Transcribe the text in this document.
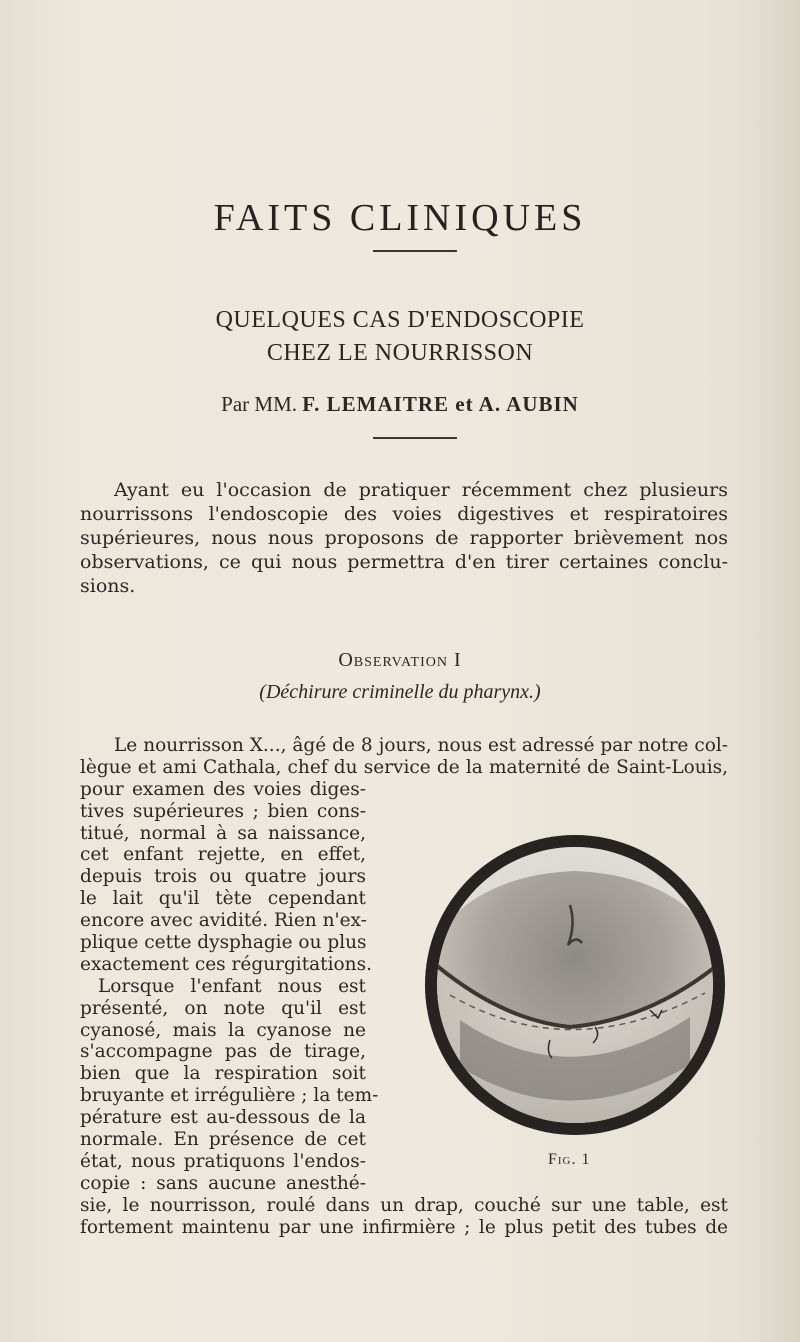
FAITS CLINIQUES
QUELQUES CAS D'ENDOSCOPIE
CHEZ LE NOURRISSON
Par MM. F. LEMAITRE et A. AUBIN
Ayant eu l'occasion de pratiquer récemment chez plusieurs
nourrissons l'endoscopie des voies digestives et respiratoires
supérieures, nous nous proposons de rapporter brièvement nos
observations, ce qui nous permettra d'en tirer certaines conclu-
sions.
Observation I
(Déchirure criminelle du pharynx.)
Le nourrisson X..., âgé de 8 jours, nous est adressé par notre col-
lègue et ami Cathala, chef du service de la maternité de Saint-Louis,
pour examen des voies diges-
tives supérieures ; bien cons-
titué, normal à sa naissance,
cet enfant rejette, en effet,
depuis trois ou quatre jours
le lait qu'il tète cependant
encore avec avidité. Rien n'ex-
plique cette dysphagie ou plus
exactement ces régurgitations.
Lorsque l'enfant nous est
présenté, on note qu'il est
cyanosé, mais la cyanose ne
s'accompagne pas de tirage,
bien que la respiration soit
bruyante et irrégulière ; la tem-
pérature est au-dessous de la
normale. En présence de cet
état, nous pratiquons l'endos-
copie : sans aucune anesthé-
sie, le nourrisson, roulé dans un drap, couché sur une table, est
fortement maintenu par une infirmière ; le plus petit des tubes de
Fig. 1
